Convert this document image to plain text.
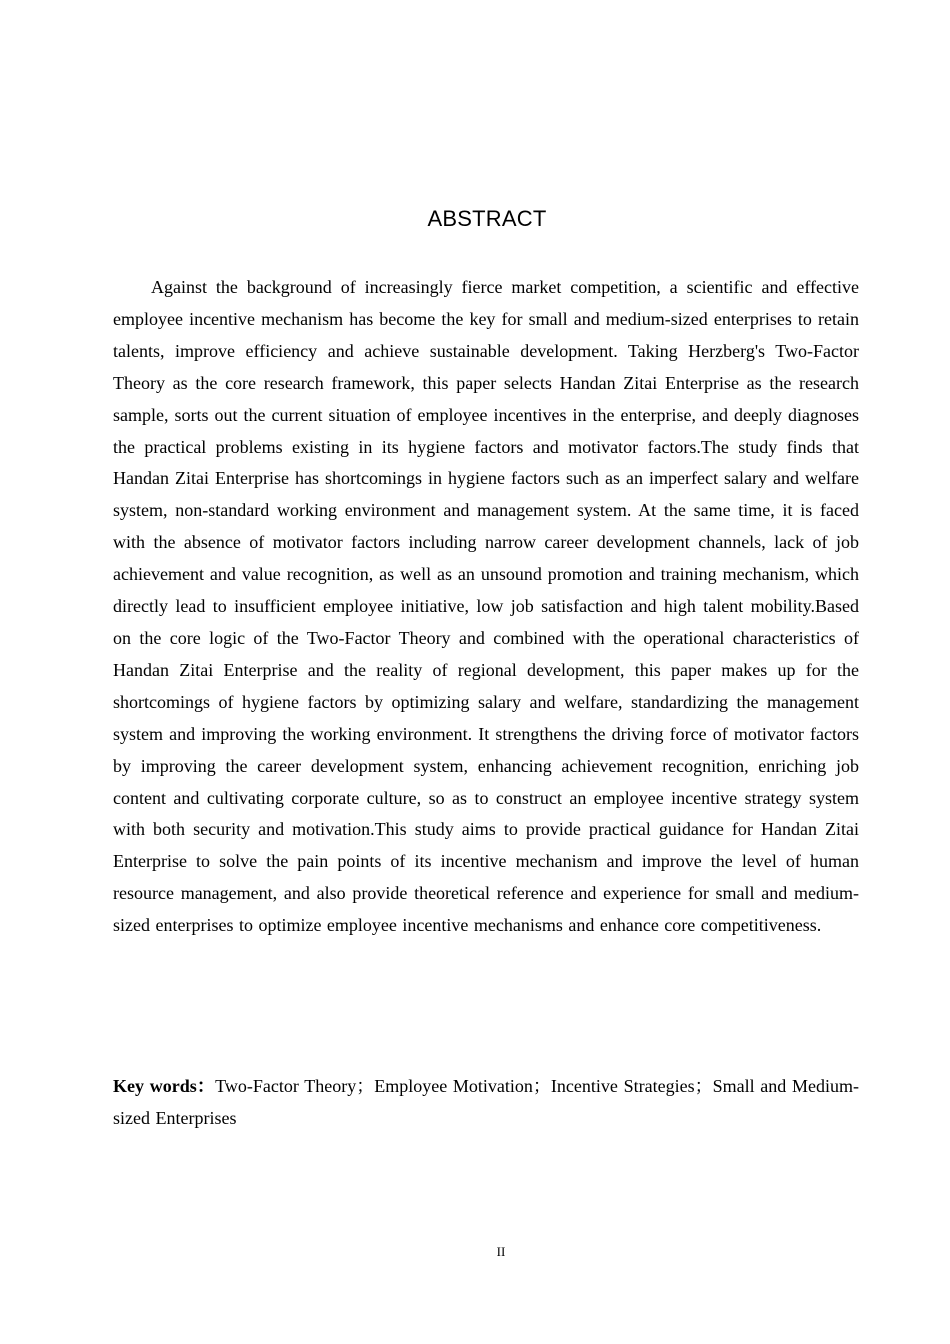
ABSTRACT

Against the background of increasingly fierce market competition, a scientific and effective employee incentive mechanism has become the key for small and medium-sized enterprises to retain talents, improve efficiency and achieve sustainable development. Taking Herzberg's Two-Factor Theory as the core research framework, this paper selects Handan Zitai Enterprise as the research sample, sorts out the current situation of employee incentives in the enterprise, and deeply diagnoses the practical problems existing in its hygiene factors and motivator factors.The study finds that Handan Zitai Enterprise has shortcomings in hygiene factors such as an imperfect salary and welfare system, non-standard working environment and management system. At the same time, it is faced with the absence of motivator factors including narrow career development channels, lack of job achievement and value recognition, as well as an unsound promotion and training mechanism, which directly lead to insufficient employee initiative, low job satisfaction and high talent mobility.Based on the core logic of the Two-Factor Theory and combined with the operational characteristics of Handan Zitai Enterprise and the reality of regional development, this paper makes up for the shortcomings of hygiene factors by optimizing salary and welfare, standardizing the management system and improving the working environment. It strengthens the driving force of motivator factors by improving the career development system, enhancing achievement recognition, enriching job content and cultivating corporate culture, so as to construct an employee incentive strategy system with both security and motivation.This study aims to provide practical guidance for Handan Zitai Enterprise to solve the pain points of its incentive mechanism and improve the level of human resource management, and also provide theoretical reference and experience for small and medium-sized enterprises to optimize employee incentive mechanisms and enhance core competitiveness.

Key words：Two-Factor Theory；Employee Motivation；Incentive Strategies；Small and Medium-sized Enterprises

II
